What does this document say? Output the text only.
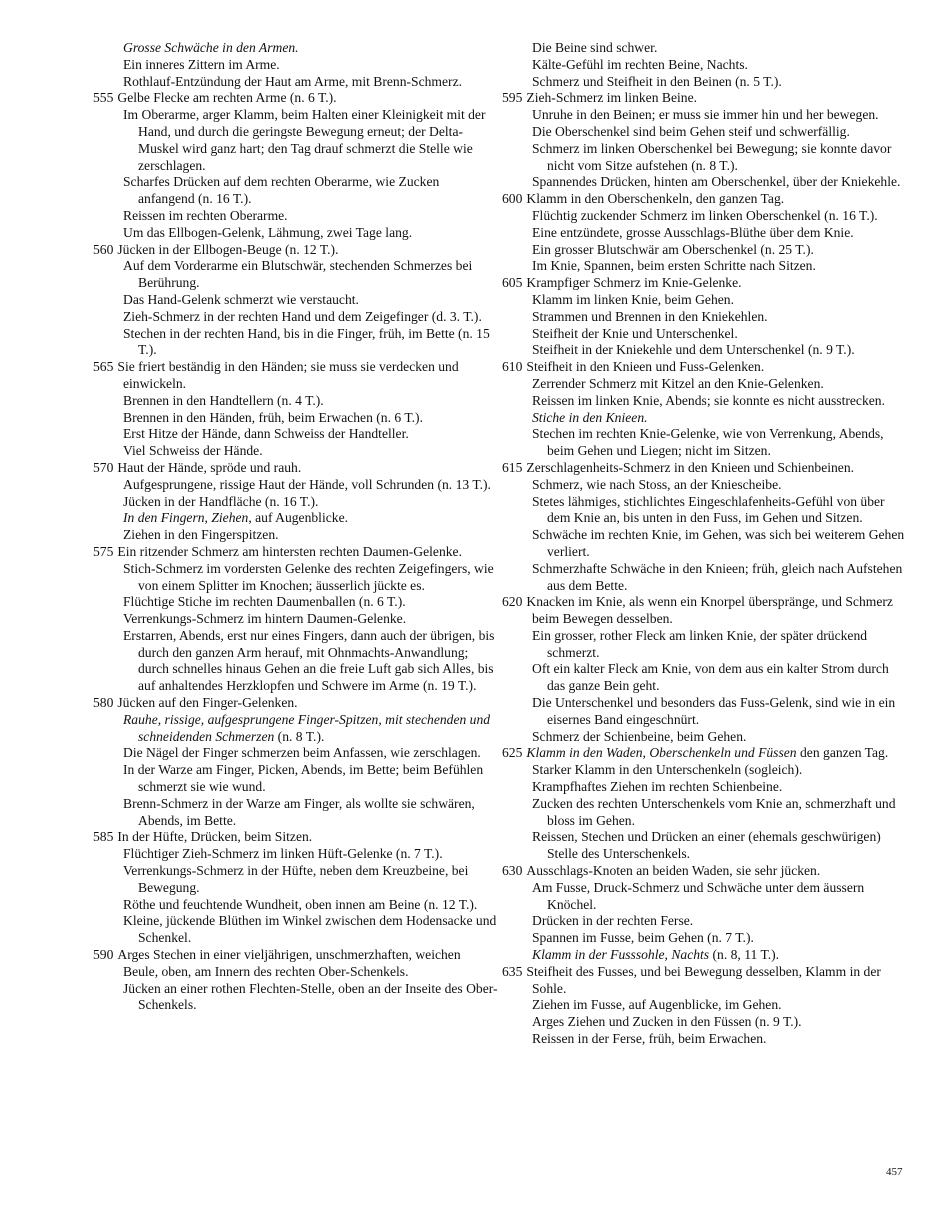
Grosse Schwäche in den Armen.

Ein inneres Zittern im Arme.

Rothlauf-Entzündung der Haut am Arme, mit Brenn-Schmerz.

555 Gelbe Flecke am rechten Arme (n. 6 T.).

Im Oberarme, arger Klamm, beim Halten einer Kleinigkeit mit der Hand, und durch die geringste Bewegung erneut; der Delta-Muskel wird ganz hart; den Tag drauf schmerzt die Stelle wie zerschlagen.

Scharfes Drücken auf dem rechten Oberarme, wie Zucken anfangend (n. 16 T.).

Reissen im rechten Oberarme.

Um das Ellbogen-Gelenk, Lähmung, zwei Tage lang.

560 Jücken in der Ellbogen-Beuge (n. 12 T.).

Auf dem Vorderarme ein Blutschwär, stechenden Schmerzes bei Berührung.

Das Hand-Gelenk schmerzt wie verstaucht.

Zieh-Schmerz in der rechten Hand und dem Zeigefinger (d. 3. T.).

Stechen in der rechten Hand, bis in die Finger, früh, im Bette (n. 15 T.).

565 Sie friert beständig in den Händen; sie muss sie verdecken und einwickeln.

Brennen in den Handtellern (n. 4 T.).

Brennen in den Händen, früh, beim Erwachen (n. 6 T.).

Erst Hitze der Hände, dann Schweiss der Handteller.

Viel Schweiss der Hände.

570 Haut der Hände, spröde und rauh.

Aufgesprungene, rissige Haut der Hände, voll Schrunden (n. 13 T.).

Jücken in der Handfläche (n. 16 T.).

In den Fingern, Ziehen, auf Augenblicke.

Ziehen in den Fingerspitzen.

575 Ein ritzender Schmerz am hintersten rechten Daumen-Gelenke.

Stich-Schmerz im vordersten Gelenke des rechten Zeigefingers, wie von einem Splitter im Knochen; äusserlich jückte es.

Flüchtige Stiche im rechten Daumenballen (n. 6 T.).

Verrenkungs-Schmerz im hintern Daumen-Gelenke.

Erstarren, Abends, erst nur eines Fingers, dann auch der übrigen, bis durch den ganzen Arm herauf, mit Ohnmachts-Anwandlung; durch schnelles hinaus Gehen an die freie Luft gab sich Alles, bis auf anhaltendes Herzklopfen und Schwere im Arme (n. 19 T.).

580 Jücken auf den Finger-Gelenken.

Rauhe, rissige, aufgesprungene Finger-Spitzen, mit stechenden und schneidenden Schmerzen (n. 8 T.).

Die Nägel der Finger schmerzen beim Anfassen, wie zerschlagen.

In der Warze am Finger, Picken, Abends, im Bette; beim Befühlen schmerzt sie wie wund.

Brenn-Schmerz in der Warze am Finger, als wollte sie schwären, Abends, im Bette.

585 In der Hüfte, Drücken, beim Sitzen.

Flüchtiger Zieh-Schmerz im linken Hüft-Gelenke (n. 7 T.).

Verrenkungs-Schmerz in der Hüfte, neben dem Kreuzbeine, bei Bewegung.

Röthe und feuchtende Wundheit, oben innen am Beine (n. 12 T.).

Kleine, jückende Blüthen im Winkel zwischen dem Hodensacke und Schenkel.

590 Arges Stechen in einer vieljährigen, unschmerzhaften, weichen Beule, oben, am Innern des rechten Ober-Schenkels.

Jücken an einer rothen Flechten-Stelle, oben an der Inseite des Ober-Schenkels.

Die Beine sind schwer.

Kälte-Gefühl im rechten Beine, Nachts.

Schmerz und Steifheit in den Beinen (n. 5 T.).

595 Zieh-Schmerz im linken Beine.

Unruhe in den Beinen; er muss sie immer hin und her bewegen.

Die Oberschenkel sind beim Gehen steif und schwerfällig.

Schmerz im linken Oberschenkel bei Bewegung; sie konnte davor nicht vom Sitze aufstehen (n. 8 T.).

Spannendes Drücken, hinten am Oberschenkel, über der Kniekehle.

600 Klamm in den Oberschenkeln, den ganzen Tag.

Flüchtig zuckender Schmerz im linken Oberschenkel (n. 16 T.).

Eine entzündete, grosse Ausschlags-Blüthe über dem Knie.

Ein grosser Blutschwär am Oberschenkel (n. 25 T.).

Im Knie, Spannen, beim ersten Schritte nach Sitzen.

605 Krampfiger Schmerz im Knie-Gelenke.

Klamm im linken Knie, beim Gehen.

Strammen und Brennen in den Kniekehlen.

Steifheit der Knie und Unterschenkel.

Steifheit in der Kniekehle und dem Unterschenkel (n. 9 T.).

610 Steifheit in den Knieen und Fuss-Gelenken.

Zerrender Schmerz mit Kitzel an den Knie-Gelenken.

Reissen im linken Knie, Abends; sie konnte es nicht ausstrecken.

Stiche in den Knieen.

Stechen im rechten Knie-Gelenke, wie von Verrenkung, Abends, beim Gehen und Liegen; nicht im Sitzen.

615 Zerschlagenheits-Schmerz in den Knieen und Schienbeinen.

Schmerz, wie nach Stoss, an der Kniescheibe.

Stetes lähmiges, stichlichtes Eingeschlafenheits-Gefühl von über dem Knie an, bis unten in den Fuss, im Gehen und Sitzen.

Schwäche im rechten Knie, im Gehen, was sich bei weiterem Gehen verliert.

Schmerzhafte Schwäche in den Knieen; früh, gleich nach Aufstehen aus dem Bette.

620 Knacken im Knie, als wenn ein Knorpel überspränge, und Schmerz beim Bewegen desselben.

Ein grosser, rother Fleck am linken Knie, der später drückend schmerzt.

Oft ein kalter Fleck am Knie, von dem aus ein kalter Strom durch das ganze Bein geht.

Die Unterschenkel und besonders das Fuss-Gelenk, sind wie in ein eisernes Band eingeschnürt.

Schmerz der Schienbeine, beim Gehen.

625 Klamm in den Waden, Oberschenkeln und Füssen den ganzen Tag.

Starker Klamm in den Unterschenkeln (sogleich).

Krampfhaftes Ziehen im rechten Schienbeine.

Zucken des rechten Unterschenkels vom Knie an, schmerzhaft und bloss im Gehen.

Reissen, Stechen und Drücken an einer (ehemals geschwürigen) Stelle des Unterschenkels.

630 Ausschlags-Knoten an beiden Waden, sie sehr jücken.

Am Fusse, Druck-Schmerz und Schwäche unter dem äussern Knöchel.

Drücken in der rechten Ferse.

Spannen im Fusse, beim Gehen (n. 7 T.).

Klamm in der Fusssohle, Nachts (n. 8, 11 T.).

635 Steifheit des Fusses, und bei Bewegung desselben, Klamm in der Sohle.

Ziehen im Fusse, auf Augenblicke, im Gehen.

Arges Ziehen und Zucken in den Füssen (n. 9 T.).

Reissen in der Ferse, früh, beim Erwachen.

457
